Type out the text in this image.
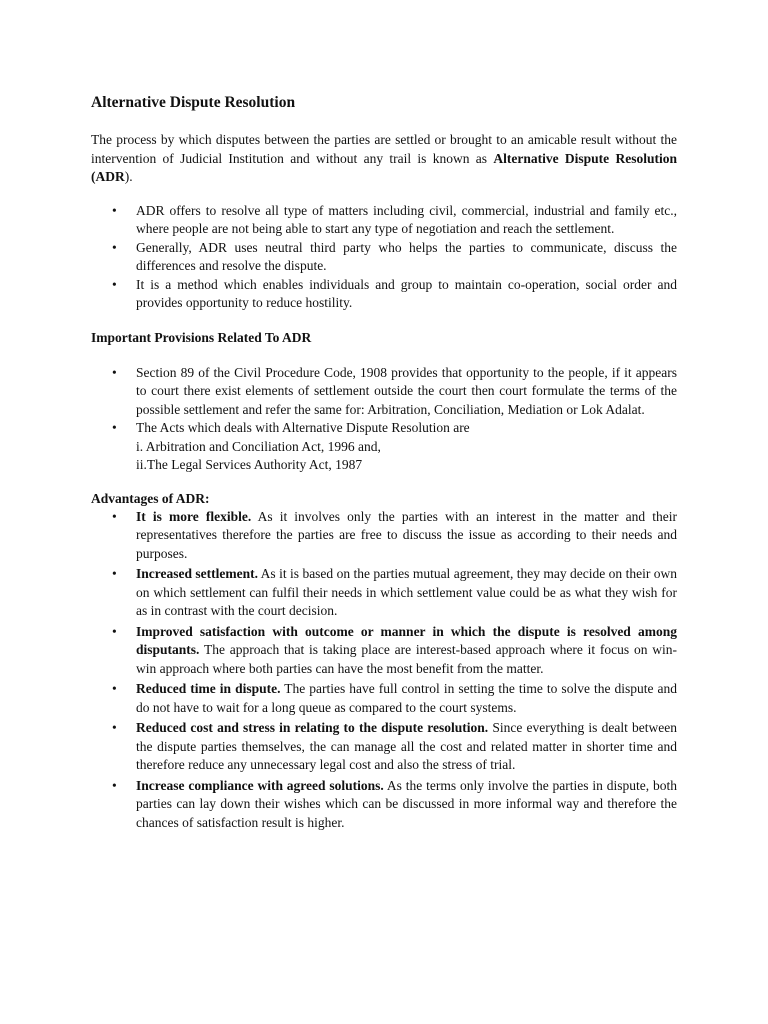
Alternative Dispute Resolution

The process by which disputes between the parties are settled or brought to an amicable result without the intervention of Judicial Institution and without any trail is known as Alternative Dispute Resolution (ADR).

• ADR offers to resolve all type of matters including civil, commercial, industrial and family etc., where people are not being able to start any type of negotiation and reach the settlement.
• Generally, ADR uses neutral third party who helps the parties to communicate, discuss the differences and resolve the dispute.
• It is a method which enables individuals and group to maintain co-operation, social order and provides opportunity to reduce hostility.
Important Provisions Related To ADR
• Section 89 of the Civil Procedure Code, 1908 provides that opportunity to the people, if it appears to court there exist elements of settlement outside the court then court formulate the terms of the possible settlement and refer the same for: Arbitration, Conciliation, Mediation or Lok Adalat.
• The Acts which deals with Alternative Dispute Resolution are
i. Arbitration and Conciliation Act, 1996 and,
ii.The Legal Services Authority Act, 1987
Advantages of ADR:
• It is more flexible. As it involves only the parties with an interest in the matter and their representatives therefore the parties are free to discuss the issue as according to their needs and purposes.
• Increased settlement. As it is based on the parties mutual agreement, they may decide on their own on which settlement can fulfil their needs in which settlement value could be as what they wish for as in contrast with the court decision.
• Improved satisfaction with outcome or manner in which the dispute is resolved among disputants. The approach that is taking place are interest-based approach where it focus on win-win approach where both parties can have the most benefit from the matter.
• Reduced time in dispute. The parties have full control in setting the time to solve the dispute and do not have to wait for a long queue as compared to the court systems.
• Reduced cost and stress in relating to the dispute resolution. Since everything is dealt between the dispute parties themselves, the can manage all the cost and related matter in shorter time and therefore reduce any unnecessary legal cost and also the stress of trial.
• Increase compliance with agreed solutions. As the terms only involve the parties in dispute, both parties can lay down their wishes which can be discussed in more informal way and therefore the chances of satisfaction result is higher.
